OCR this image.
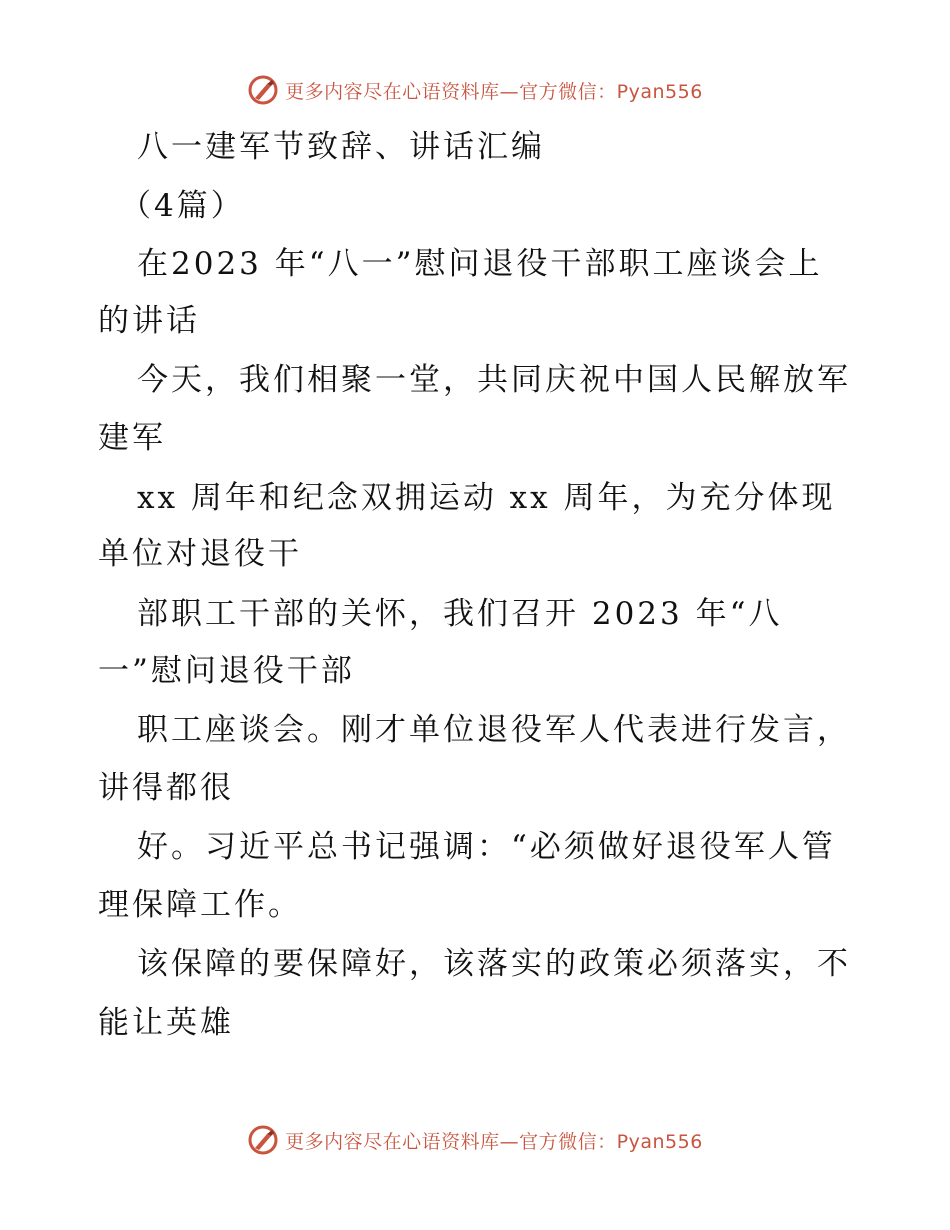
更多内容尽在心语资料库—官方微信：Pyan556
八一建军节致辞、讲话汇编
（4篇）
在2023 年“八一”慰问退役干部职工座谈会上
的讲话
今天，我们相聚一堂，共同庆祝中国人民解放军
建军
xx 周年和纪念双拥运动 xx 周年，为充分体现
单位对退役干
部职工干部的关怀，我们召开 2023 年“八
一”慰问退役干部
职工座谈会。刚才单位退役军人代表进行发言，
讲得都很
好。习近平总书记强调：“必须做好退役军人管
理保障工作。
该保障的要保障好，该落实的政策必须落实，不
能让英雄
更多内容尽在心语资料库—官方微信：Pyan556
